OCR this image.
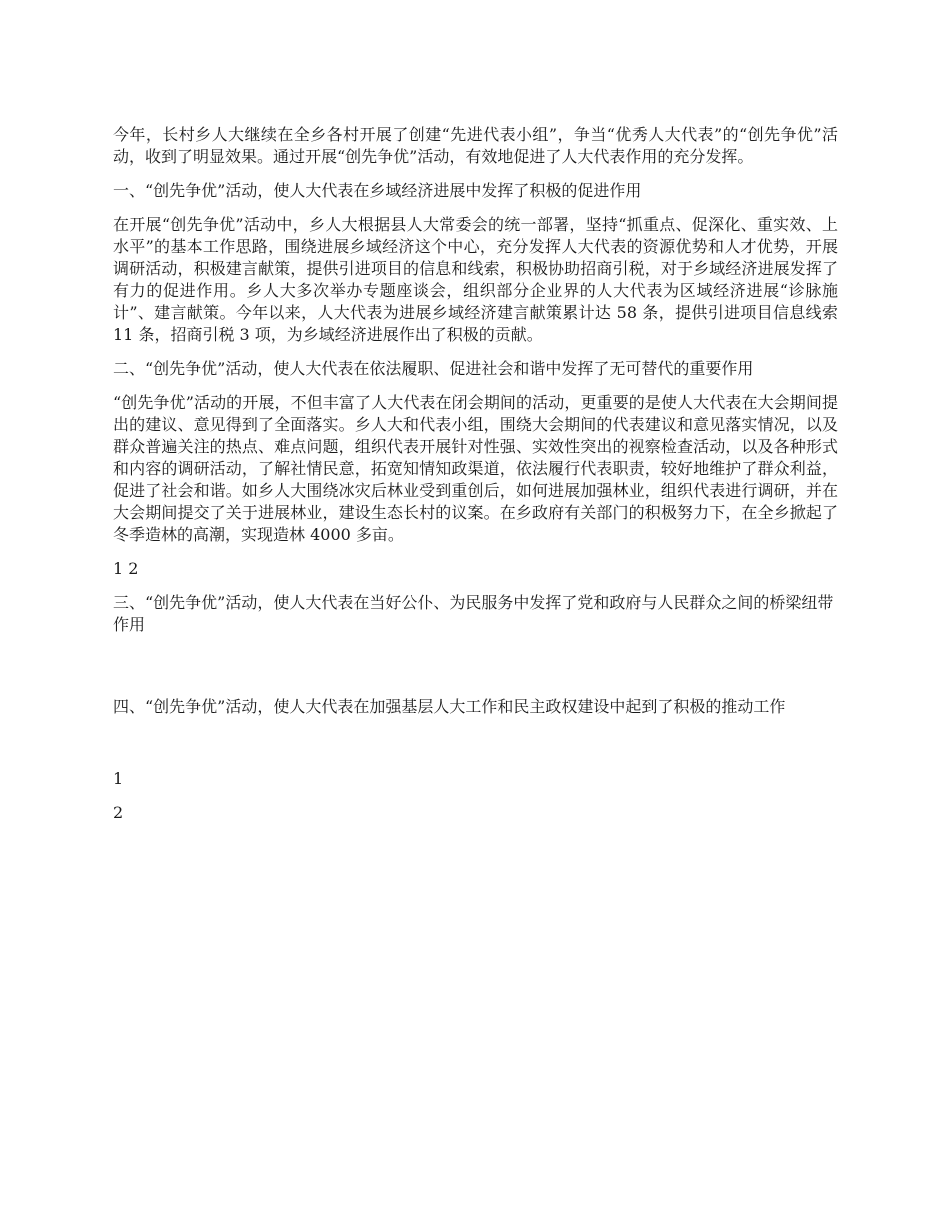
今年，长村乡人大继续在全乡各村开展了创建“先进代表小组”，争当“优秀人大代表”的“创先争优”活动，收到了明显效果。通过开展“创先争优”活动，有效地促进了人大代表作用的充分发挥。

一、“创先争优”活动，使人大代表在乡域经济进展中发挥了积极的促进作用

在开展“创先争优”活动中，乡人大根据县人大常委会的统一部署，坚持“抓重点、促深化、重实效、上水平”的基本工作思路，围绕进展乡域经济这个中心，充分发挥人大代表的资源优势和人才优势，开展调研活动，积极建言献策，提供引进项目的信息和线索，积极协助招商引税，对于乡域经济进展发挥了有力的促进作用。乡人大多次举办专题座谈会，组织部分企业界的人大代表为区域经济进展“诊脉施计”、建言献策。今年以来，人大代表为进展乡域经济建言献策累计达 58 条，提供引进项目信息线索 11 条，招商引税 3 项，为乡域经济进展作出了积极的贡献。

二、“创先争优”活动，使人大代表在依法履职、促进社会和谐中发挥了无可替代的重要作用

“创先争优”活动的开展，不但丰富了人大代表在闭会期间的活动，更重要的是使人大代表在大会期间提出的建议、意见得到了全面落实。乡人大和代表小组，围绕大会期间的代表建议和意见落实情况，以及群众普遍关注的热点、难点问题，组织代表开展针对性强、实效性突出的视察检查活动，以及各种形式和内容的调研活动，了解社情民意，拓宽知情知政渠道，依法履行代表职责，较好地维护了群众利益，促进了社会和谐。如乡人大围绕冰灾后林业受到重创后，如何进展加强林业，组织代表进行调研，并在大会期间提交了关于进展林业，建设生态长村的议案。在乡政府有关部门的积极努力下，在全乡掀起了冬季造林的高潮，实现造林 4000 多亩。

1 2

三、“创先争优”活动，使人大代表在当好公仆、为民服务中发挥了党和政府与人民群众之间的桥梁纽带作用

四、“创先争优”活动，使人大代表在加强基层人大工作和民主政权建设中起到了积极的推动工作

1

2
